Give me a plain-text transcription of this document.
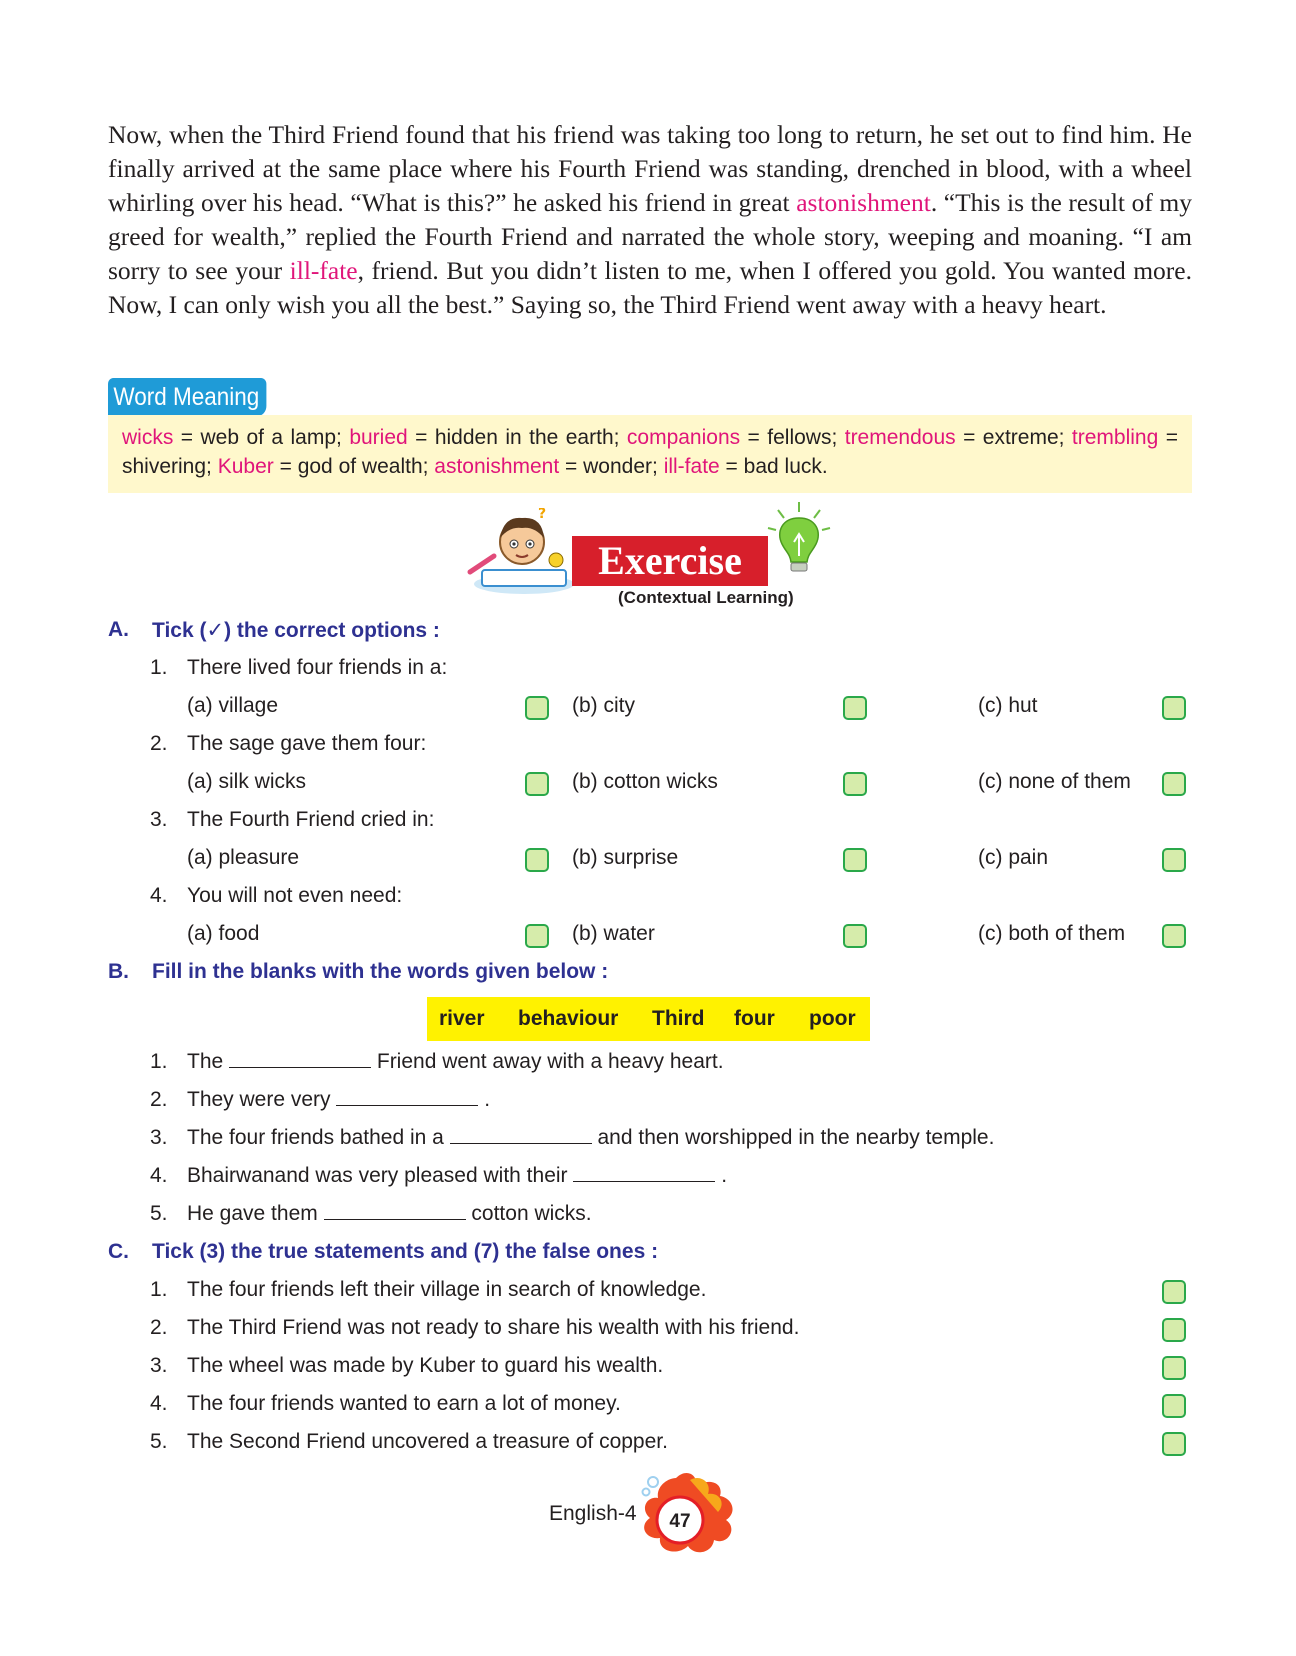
Now, when the Third Friend found that his friend was taking too long to return, he set out to find him. He finally arrived at the same place where his Fourth Friend was standing, drenched in blood, with a wheel whirling over his head. “What is this?” he asked his friend in great astonishment. “This is the result of my greed for wealth,” replied the Fourth Friend and narrated the whole story, weeping and moaning. “I am sorry to see your ill-fate, friend. But you didn’t listen to me, when I offered you gold. You wanted more. Now, I can only wish you all the best.” Saying so, the Third Friend went away with a heavy heart.

Word Meaning
wicks = web of a lamp; buried = hidden in the earth; companions = fellows; tremendous = extreme; trembling = shivering; Kuber = god of wealth; astonishment = wonder; ill-fate = bad luck.
?
Exercise
(Contextual Learning)
A. Tick (✓) the correct options :
1. There lived four friends in a:
(a) village	(b) city	(c) hut
2. The sage gave them four:
(a) silk wicks	(b) cotton wicks	(c) none of them
3. The Fourth Friend cried in:
(a) pleasure	(b) surprise	(c) pain
4. You will not even need:
(a) food	(b) water	(c) both of them
B. Fill in the blanks with the words given below :
river behaviour Third four poor
1. The	Friend went away with a heavy heart.
2. They were very	.
3. The four friends bathed in a	and then worshipped in the nearby temple.
4. Bhairwanand was very pleased with their	.
5. He gave them	cotton wicks.
C. Tick (3) the true statements and (7) the false ones :
1. The four friends left their village in search of knowledge.
2. The Third Friend was not ready to share his wealth with his friend.
3. The wheel was made by Kuber to guard his wealth.
4. The four friends wanted to earn a lot of money.
5. The Second Friend uncovered a treasure of copper.
English-4 47
